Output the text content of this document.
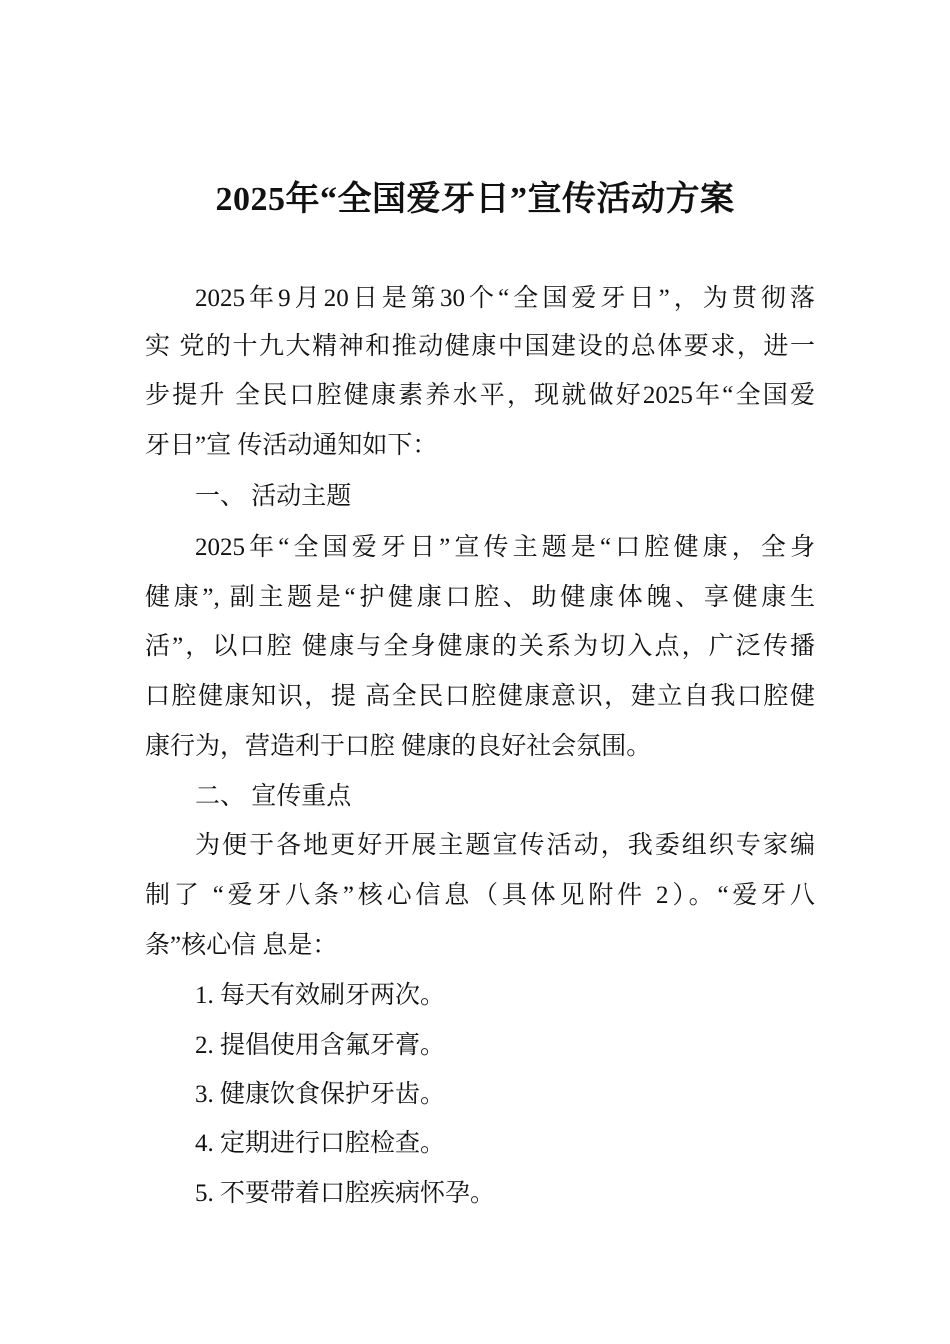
2025年“全国爱牙日”宣传活动方案
2025年9月20日是第30个“全国爱牙日”，为贯彻落
实 党的十九大精神和推动健康中国建设的总体要求，进一
步提升 全民口腔健康素养水平，现就做好2025年“全国爱
牙日”宣 传活动通知如下：
一、 活动主题
2025年“全国爱牙日”宣传主题是“口腔健康，全身
健康”, 副主题是“护健康口腔、助健康体魄、享健康生
活”，以口腔 健康与全身健康的关系为切入点，广泛传播
口腔健康知识，提 高全民口腔健康意识，建立自我口腔健
康行为，营造利于口腔 健康的良好社会氛围。
二、 宣传重点
为便于各地更好开展主题宣传活动，我委组织专家编
制了 “爱牙八条”核心信息（具体见附件 2）。“爱牙八
条”核心信 息是：
1. 每天有效刷牙两次。
2. 提倡使用含氟牙膏。
3. 健康饮食保护牙齿。
4. 定期进行口腔检查。
5. 不要带着口腔疾病怀孕。
